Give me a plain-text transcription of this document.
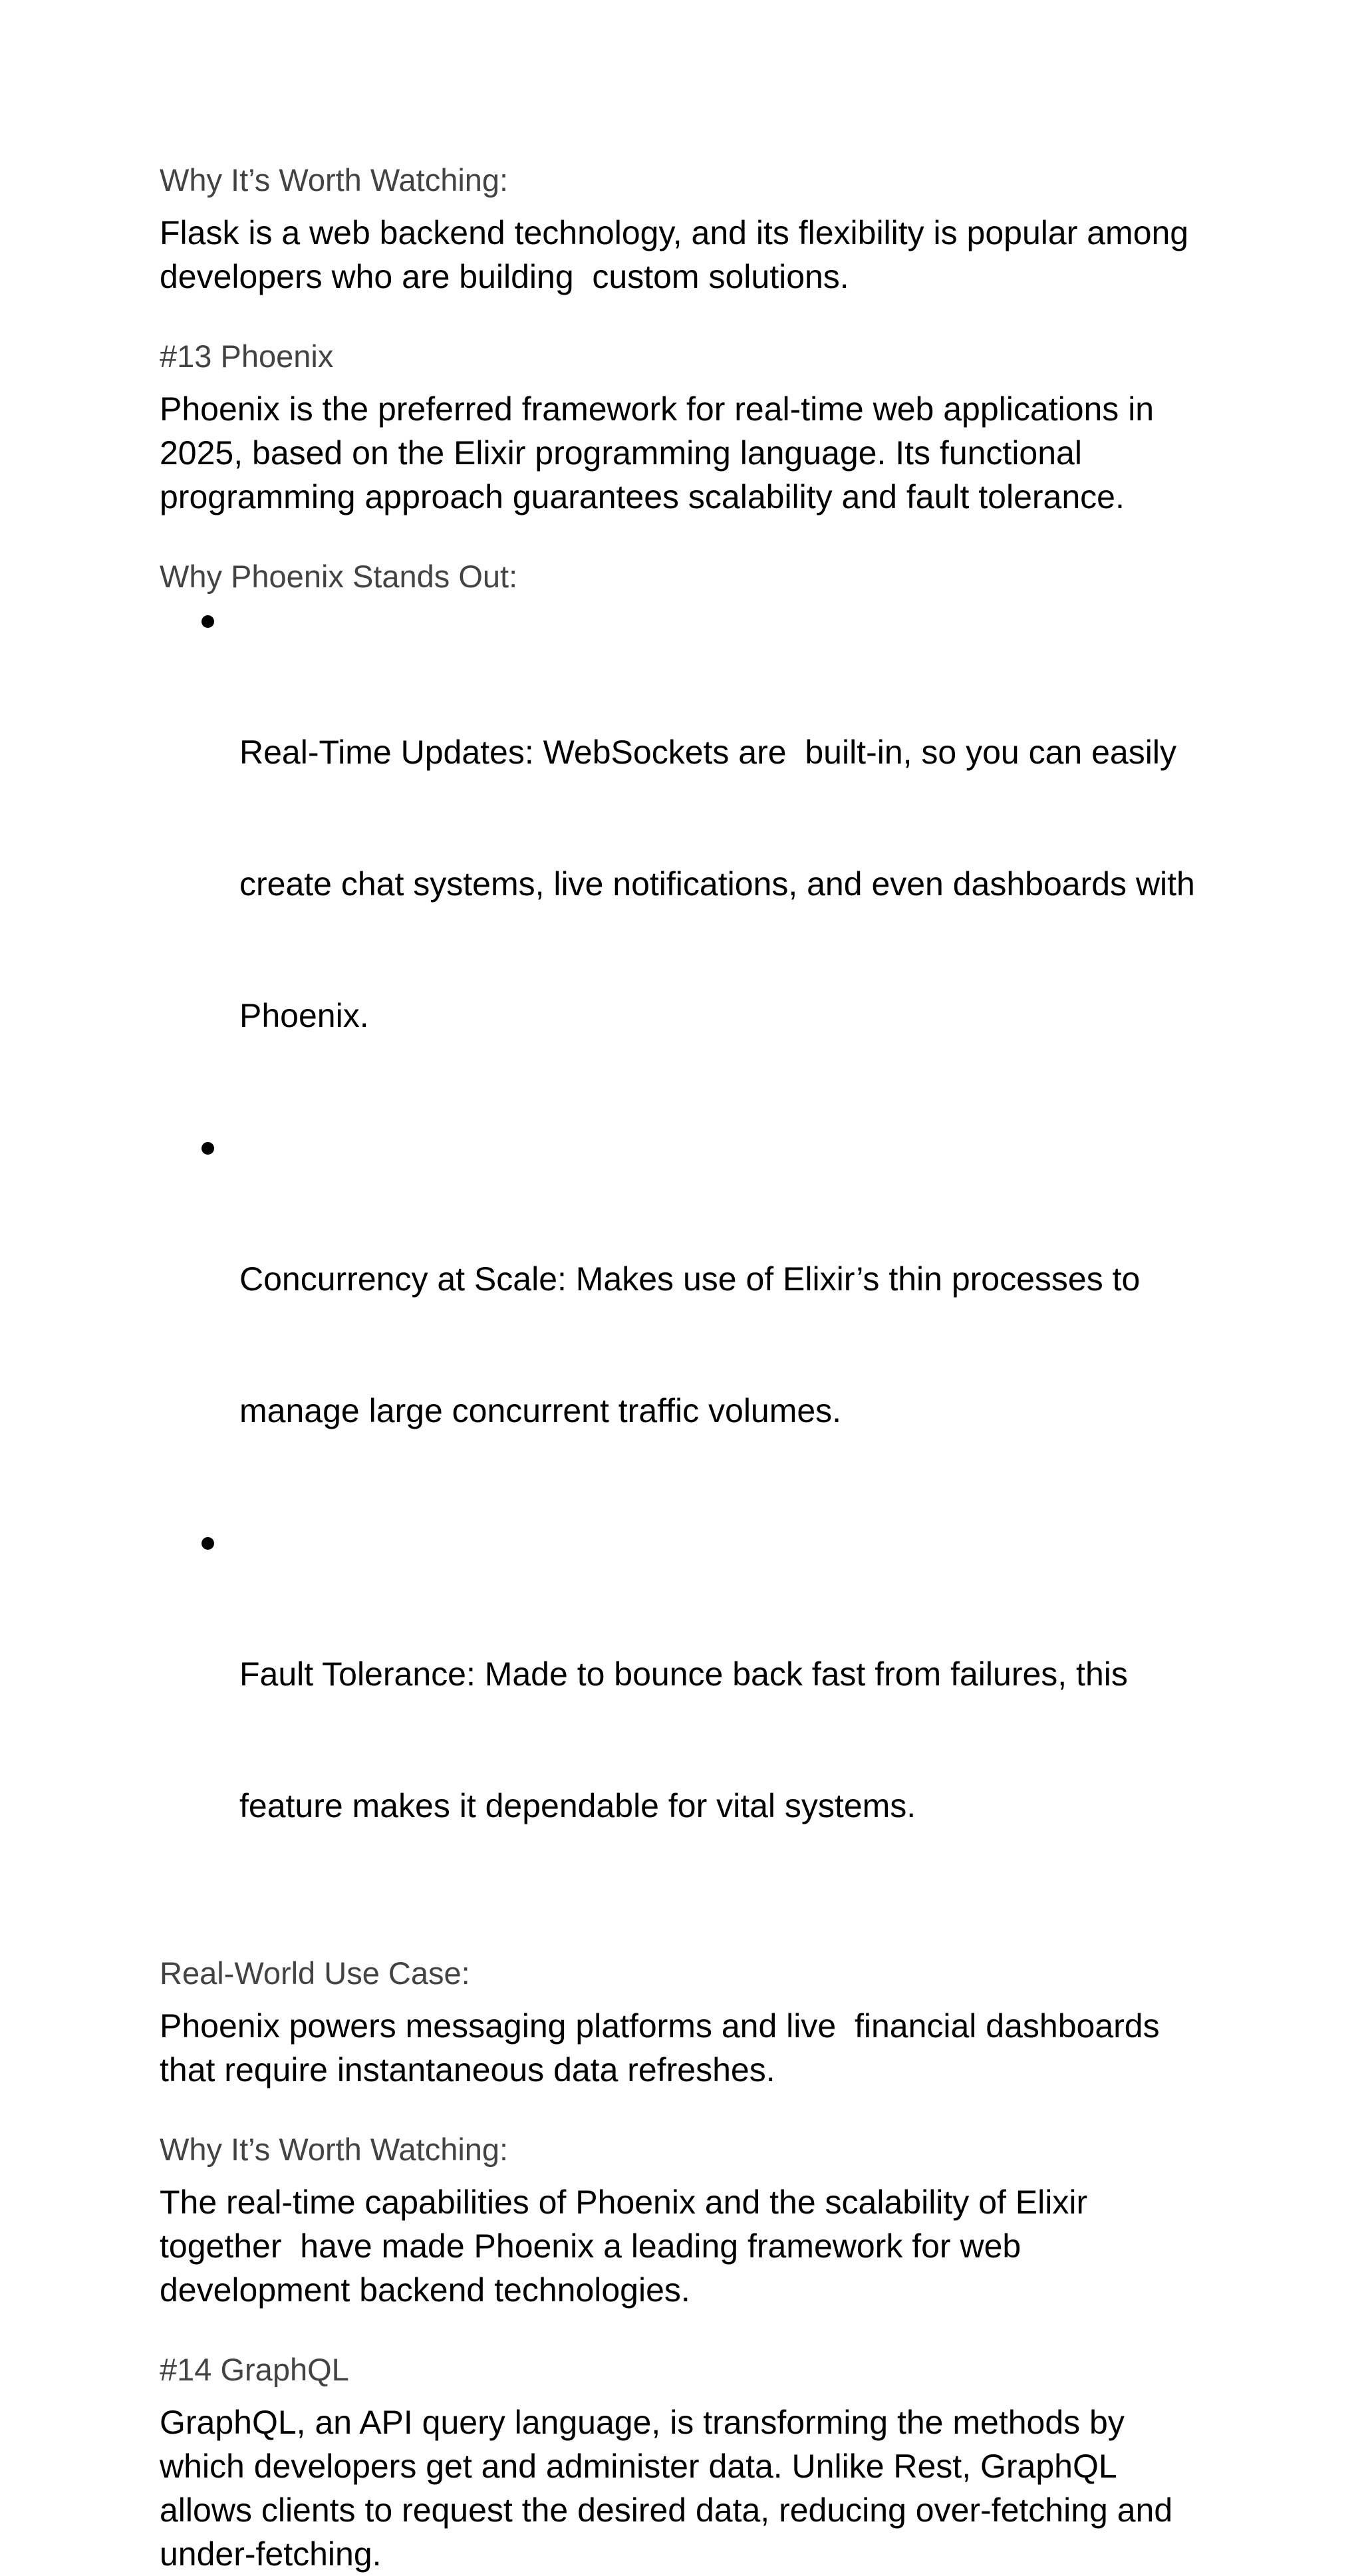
Why It’s Worth Watching:

Flask is a web backend technology, and its flexibility is popular among
developers who are building  custom solutions.

#13 Phoenix

Phoenix is the preferred framework for real-time web applications in
2025, based on the Elixir programming language. Its functional
programming approach guarantees scalability and fault tolerance.

Why Phoenix Stands Out:

Real-Time Updates: WebSockets are  built-in, so you can easily

create chat systems, live notifications, and even dashboards with

Phoenix.

Concurrency at Scale: Makes use of Elixir’s thin processes to

manage large concurrent traffic volumes.

Fault Tolerance: Made to bounce back fast from failures, this

feature makes it dependable for vital systems.

Real-World Use Case:

Phoenix powers messaging platforms and live  financial dashboards
that require instantaneous data refreshes.

Why It’s Worth Watching:

The real-time capabilities of Phoenix and the scalability of Elixir
together  have made Phoenix a leading framework for web
development backend technologies.

#14 GraphQL

GraphQL, an API query language, is transforming the methods by
which developers get and administer data. Unlike Rest, GraphQL
allows clients to request the desired data, reducing over-fetching and
under-fetching.
